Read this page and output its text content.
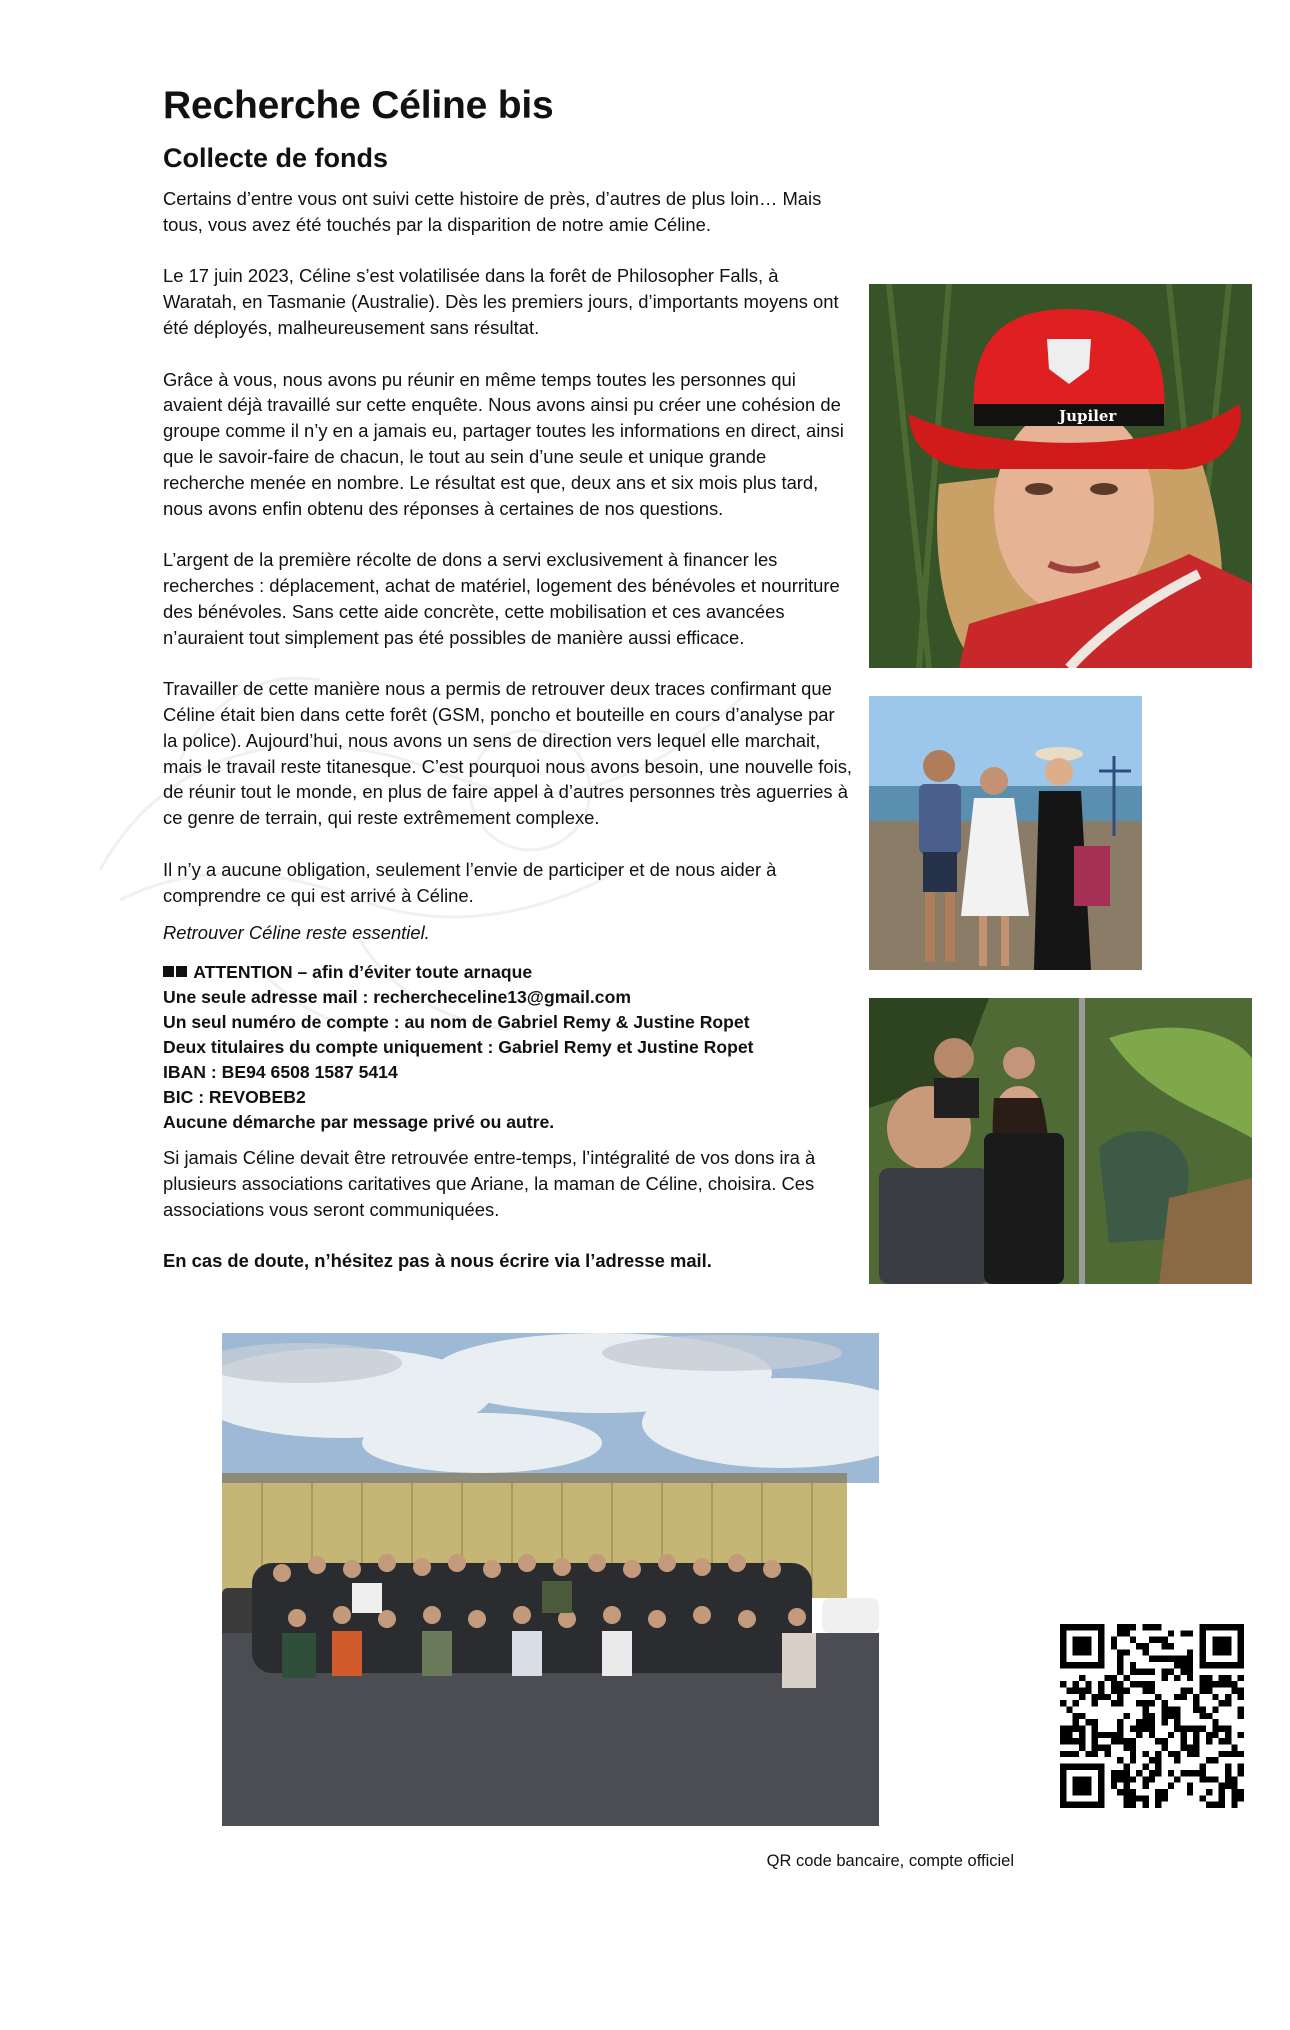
Recherche Céline bis
Collecte de fonds

Certains d’entre vous ont suivi cette histoire de près, d’autres de plus loin… Mais tous, vous avez été touchés par la disparition de notre amie Céline.

Le 17 juin 2023, Céline s’est volatilisée dans la forêt de Philosopher Falls, à Waratah, en Tasmanie (Australie). Dès les premiers jours, d’importants moyens ont été déployés, malheureusement sans résultat.

Grâce à vous, nous avons pu réunir en même temps toutes les personnes qui avaient déjà travaillé sur cette enquête. Nous avons ainsi pu créer une cohésion de groupe comme il n’y en a jamais eu, partager toutes les informations en direct, ainsi que le savoir-faire de chacun, le tout au sein d’une seule et unique grande recherche menée en nombre. Le résultat est que, deux ans et six mois plus tard, nous avons enfin obtenu des réponses à certaines de nos questions.

L’argent de la première récolte de dons a servi exclusivement à financer les recherches : déplacement, achat de matériel, logement des bénévoles et nourriture des bénévoles. Sans cette aide concrète, cette mobilisation et ces avancées n’auraient tout simplement pas été possibles de manière aussi efficace.

Travailler de cette manière nous a permis de retrouver deux traces confirmant que Céline était bien dans cette forêt (GSM, poncho et bouteille en cours d’analyse par la police). Aujourd’hui, nous avons un sens de direction vers lequel elle marchait, mais le travail reste titanesque. C’est pourquoi nous avons besoin, une nouvelle fois, de réunir tout le monde, en plus de faire appel à d’autres personnes très aguerries à ce genre de terrain, qui reste extrêmement complexe.

Il n’y a aucune obligation, seulement l’envie de participer et de nous aider à comprendre ce qui est arrivé à Céline.

Retrouver Céline reste essentiel.

ATTENTION – afin d’éviter toute arnaque

Une seule adresse mail : rechercheceline13@gmail.com

Un seul numéro de compte : au nom de Gabriel Remy & Justine Ropet

Deux titulaires du compte uniquement : Gabriel Remy et Justine Ropet

IBAN : BE94 6508 1587 5414

BIC : REVOBEB2

Aucune démarche par message privé ou autre.

Si jamais Céline devait être retrouvée entre-temps, l’intégralité de vos dons ira à plusieurs associations caritatives que Ariane, la maman de Céline, choisira. Ces associations vous seront communiquées.

En cas de doute, n’hésitez pas à nous écrire via l’adresse mail.

Jupiler
QR code bancaire, compte officiel
